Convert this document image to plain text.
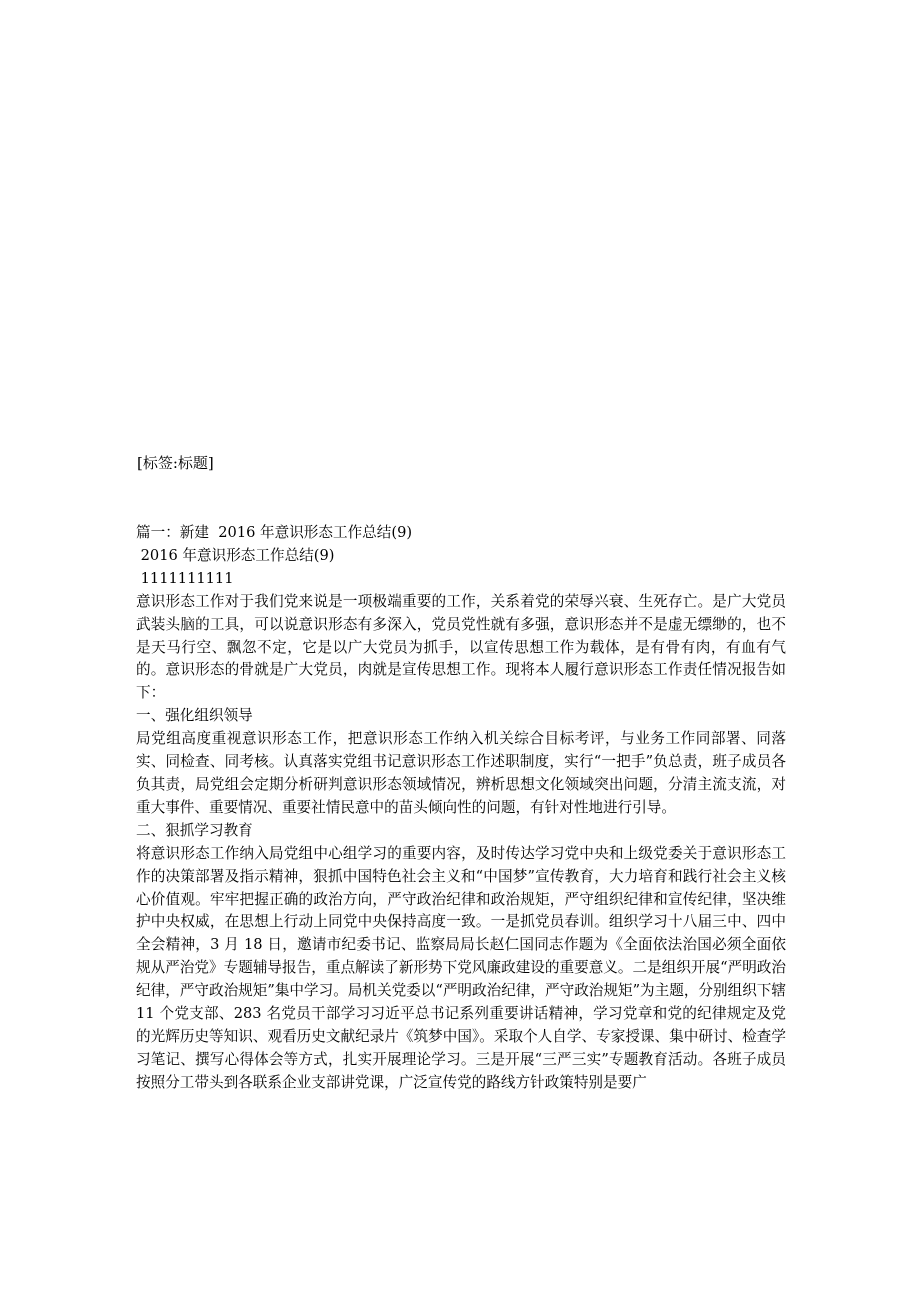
[标签:标题]
篇一：新建  2016 年意识形态工作总结(9)
2016 年意识形态工作总结(9)
1111111111
意识形态工作对于我们党来说是一项极端重要的工作，关系着党的荣辱兴衰、生死存亡。是广大党员武装头脑的工具，可以说意识形态有多深入，党员党性就有多强，意识形态并不是虚无缥缈的，也不是天马行空、飘忽不定，它是以广大党员为抓手，以宣传思想工作为载体，是有骨有肉，有血有气的。意识形态的骨就是广大党员，肉就是宣传思想工作。现将本人履行意识形态工作责任情况报告如下：
一、强化组织领导
局党组高度重视意识形态工作，把意识形态工作纳入机关综合目标考评，与业务工作同部署、同落实、同检查、同考核。认真落实党组书记意识形态工作述职制度，实行“一把手”负总责，班子成员各负其责，局党组会定期分析研判意识形态领域情况，辨析思想文化领域突出问题，分清主流支流，对重大事件、重要情况、重要社情民意中的苗头倾向性的问题，有针对性地进行引导。
二、狠抓学习教育
将意识形态工作纳入局党组中心组学习的重要内容，及时传达学习党中央和上级党委关于意识形态工作的决策部署及指示精神，狠抓中国特色社会主义和“中国梦”宣传教育，大力培育和践行社会主义核心价值观。牢牢把握正确的政治方向，严守政治纪律和政治规矩，严守组织纪律和宣传纪律，坚决维护中央权威，在思想上行动上同党中央保持高度一致。一是抓党员春训。组织学习十八届三中、四中全会精神，3 月 18 日，邀请市纪委书记、监察局局长赵仁国同志作题为《全面依法治国必须全面依规从严治党》专题辅导报告，重点解读了新形势下党风廉政建设的重要意义。二是组织开展“严明政治纪律，严守政治规矩”集中学习。局机关党委以“严明政治纪律，严守政治规矩”为主题，分别组织下辖 11 个党支部、283 名党员干部学习习近平总书记系列重要讲话精神，学习党章和党的纪律规定及党的光辉历史等知识、观看历史文献纪录片《筑梦中国》。采取个人自学、专家授课、集中研讨、检查学习笔记、撰写心得体会等方式，扎实开展理论学习。三是开展“三严三实”专题教育活动。各班子成员按照分工带头到各联系企业支部讲党课，广泛宣传党的路线方针政策特别是要广
